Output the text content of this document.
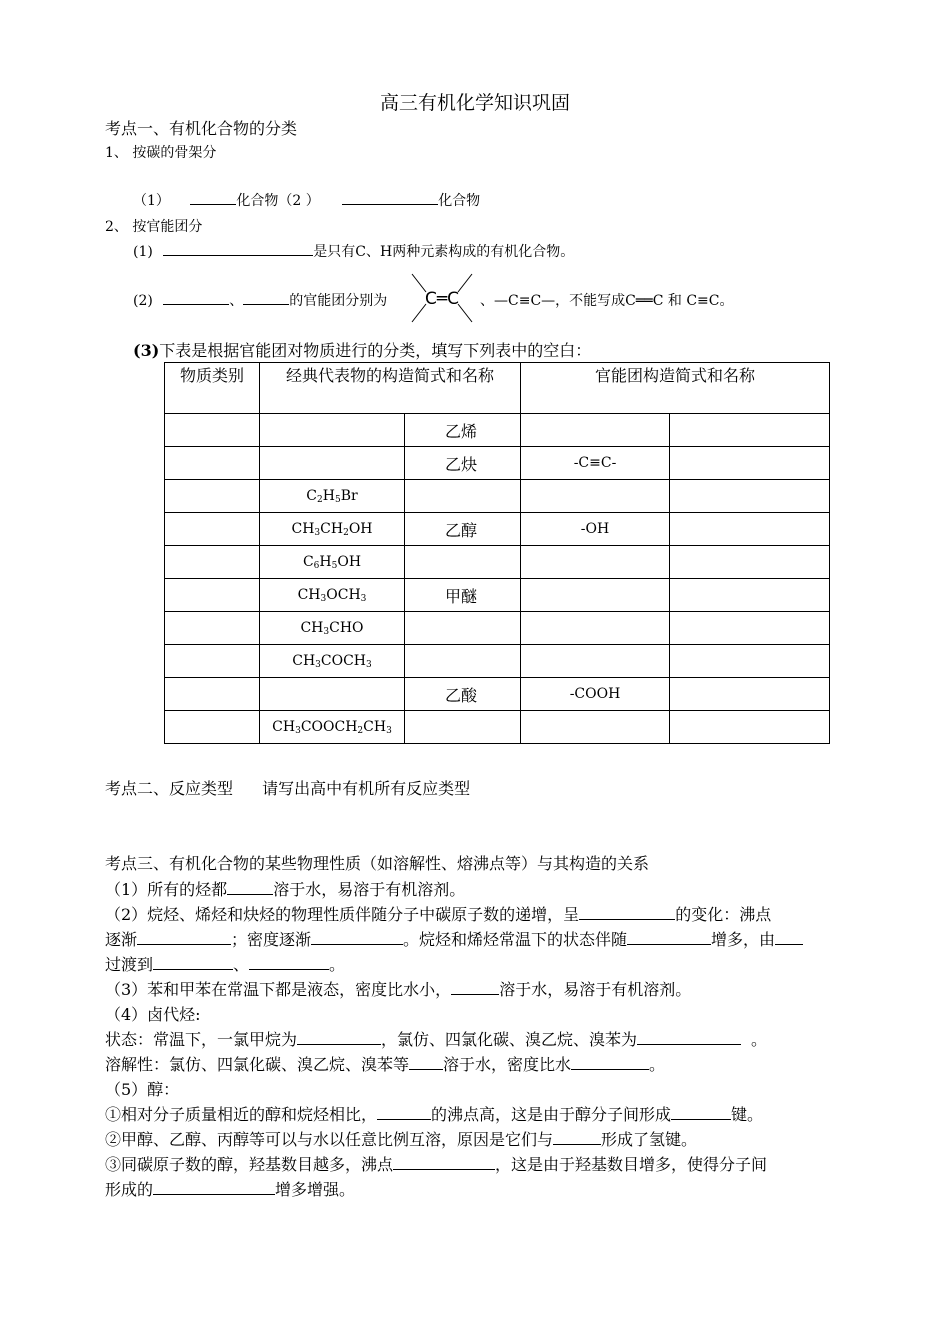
高三有机化学知识巩固
考点一、有机化合物的分类
1、 按碳的骨架分
（1）	化合物（2 ）	化合物
2、 按官能团分
(1)	是只有C、H两种元素构成的有机化合物。
(2)	、	的官能团分别为 C═C 、—C≡C—，不能写成C══C 和 C≡C。
(3)下表是根据官能团对物质进行的分类，填写下列表中的空白：
物质类别	经典代表物的构造简式和名称		官能团构造简式和名称	
		乙烯		
		乙炔	-C≡C-	
	$C_2H_5Br$			
	$CH_3CH_2OH$	乙醇	-OH	
	$C_6H_5OH$			
	$CH_3OCH_3$	甲醚		
	$CH_3CHO$			
	$CH_3COCH_3$			
		乙酸	-COOH	
	$CH_3COOCH_2CH_3$			
考点二、反应类型 请写出高中有机所有反应类型
考点三、有机化合物的某些物理性质（如溶解性、熔沸点等）与其构造的关系
（1）所有的烃都	溶于水，易溶于有机溶剂。
（2）烷烃、烯烃和炔烃的物理性质伴随分子中碳原子数的递增，呈	的变化：沸点
逐渐	；密度逐渐	。烷烃和烯烃常温下的状态伴随	增多，由
过渡到	、	。
（3）苯和甲苯在常温下都是液态，密度比水小，	溶于水，易溶于有机溶剂。
（4）卤代烃:
状态：常温下，一氯甲烷为	，氯仿、四氯化碳、溴乙烷、溴苯为	。
溶解性：氯仿、四氯化碳、溴乙烷、溴苯等 溶于水，密度比水	。
（5）醇：
①相对分子质量相近的醇和烷烃相比，	的沸点高，这是由于醇分子间形成	键。
②甲醇、乙醇、丙醇等可以与水以任意比例互溶，原因是它们与	形成了氢键。
③同碳原子数的醇，羟基数目越多，沸点	，这是由于羟基数目增多，使得分子间
形成的	增多增强。
